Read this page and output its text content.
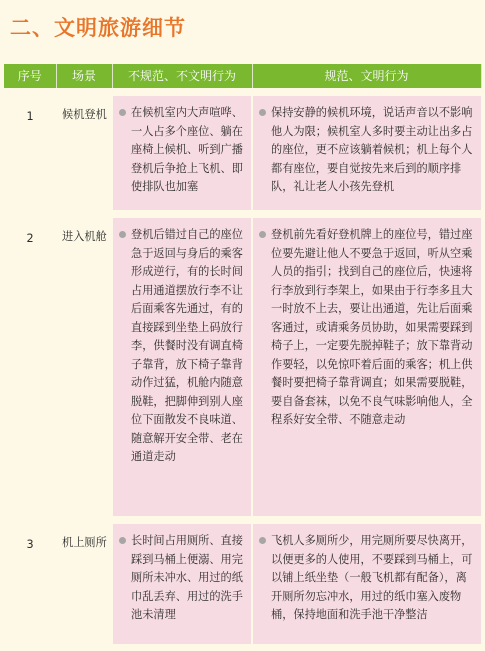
二、文明旅游细节
序号	场景	不规范、不文明行为	规范、文明行为

1	候机登机	在候机室内大声喧哗、一人占多个座位、躺在座椅上候机、听到广播登机后争抢上飞机、即使排队也加塞	保持安静的候机环境，说话声音以不影响他人为限；候机室人多时要主动让出多占的座位，更不应该躺着候机；机上每个人都有座位，要自觉按先来后到的顺序排队，礼让老人小孩先登机

2	进入机舱	登机后错过自己的座位急于返回与身后的乘客形成逆行，有的长时间占用通道摆放行李不让后面乘客先通过，有的直接踩到坐垫上码放行李，供餐时没有调直椅子靠背，放下椅子靠背动作过猛，机舱内随意脱鞋，把脚伸到别人座位下面散发不良味道、随意解开安全带、老在通道走动	登机前先看好登机牌上的座位号，错过座位要先避让他人不要急于返回，听从空乘人员的指引；找到自己的座位后，快速将行李放到行李架上，如果由于行李多且大一时放不上去，要让出通道，先让后面乘客通过，或请乘务员协助，如果需要踩到椅子上，一定要先脱掉鞋子；放下靠背动作要轻，以免惊吓着后面的乘客；机上供餐时要把椅子靠背调直；如果需要脱鞋，要自备套袜，以免不良气味影响他人，全程系好安全带、不随意走动

3	机上厕所	长时间占用厕所、直接踩到马桶上便溺、用完厕所未冲水、用过的纸巾乱丢弃、用过的洗手池未清理	飞机人多厕所少，用完厕所要尽快离开，以便更多的人使用，不要踩到马桶上，可以铺上纸坐垫（一般飞机都有配备），离开厕所勿忘冲水，用过的纸巾塞入废物桶，保持地面和洗手池干净整洁
